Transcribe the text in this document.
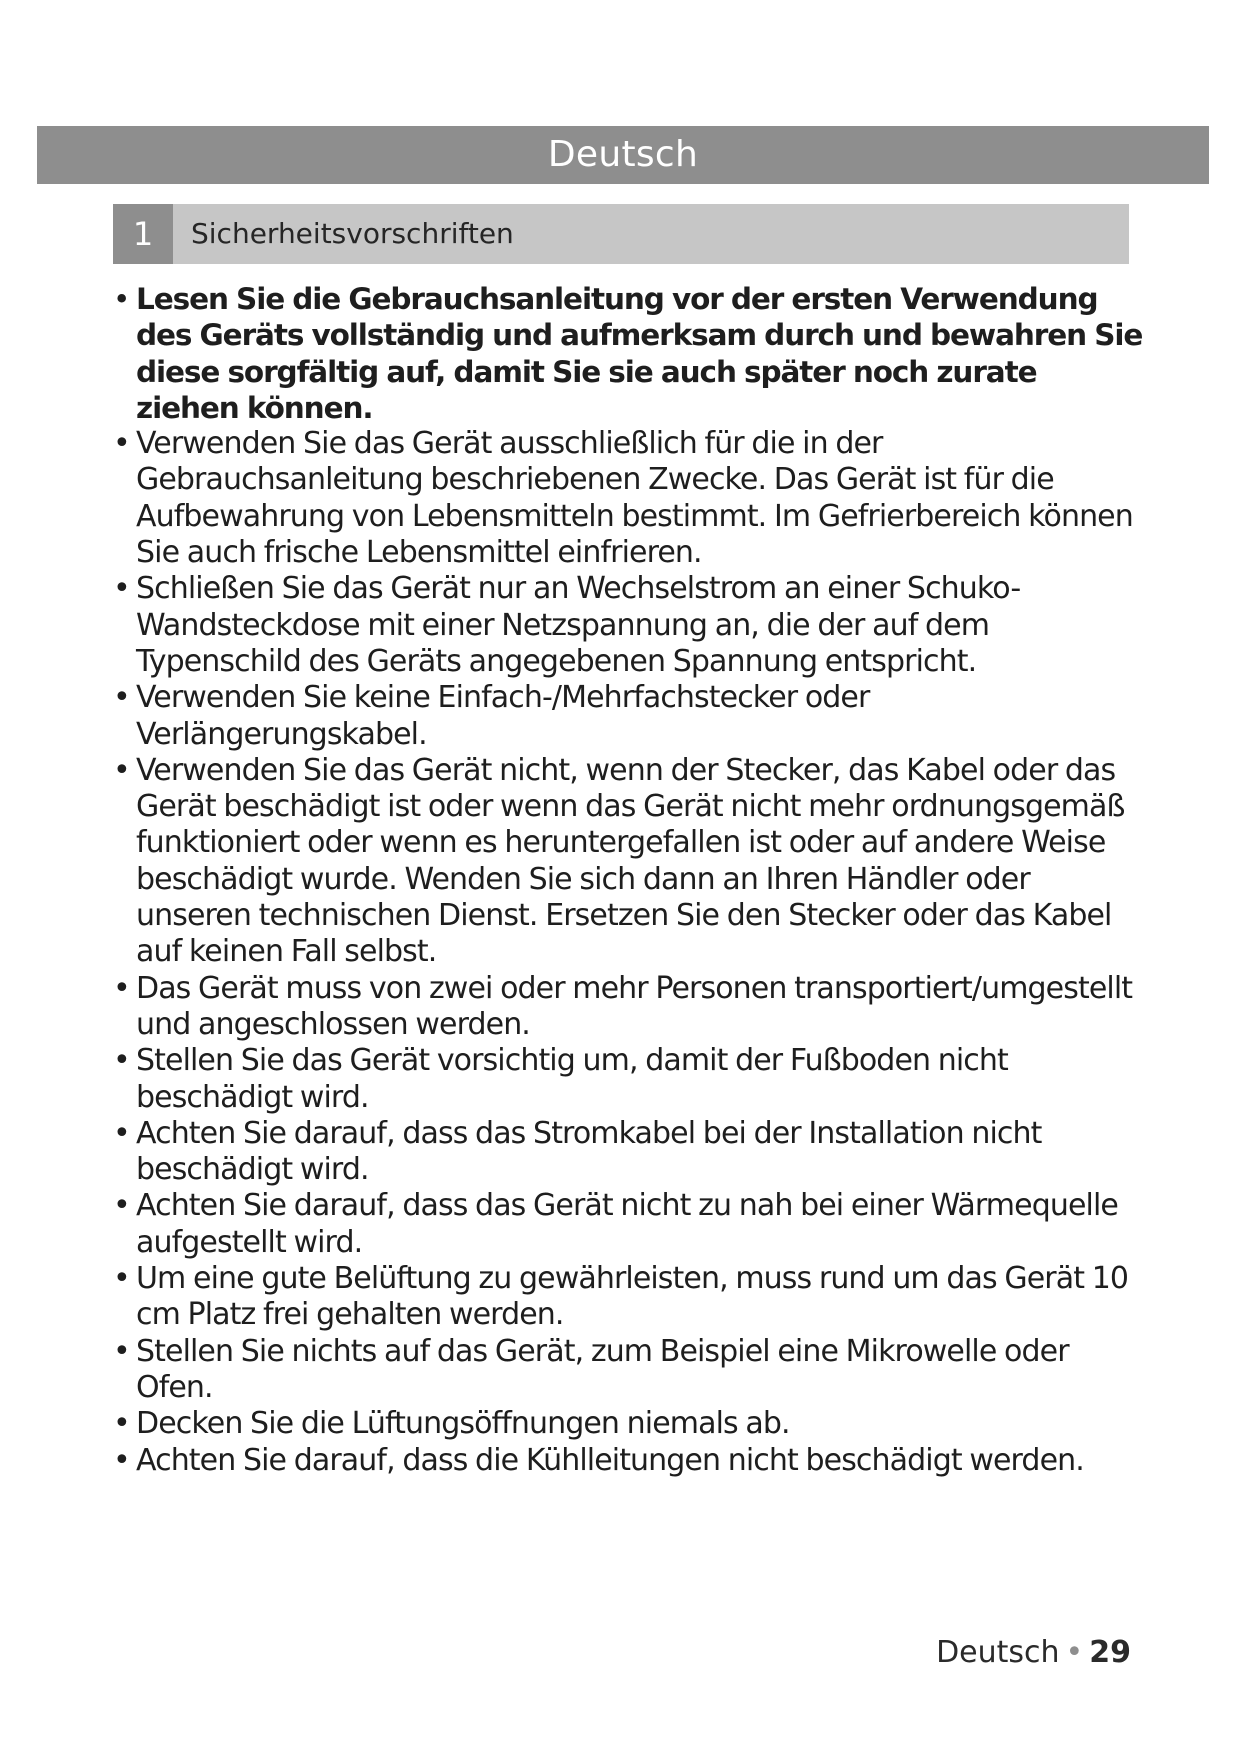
Deutsch
1	Sicherheitsvorschriften
• Lesen Sie die Gebrauchsanleitung vor der ersten Verwendung des Geräts vollständig und aufmerksam durch und bewahren Sie diese sorgfältig auf, damit Sie sie auch später noch zurate ziehen können.
• Verwenden Sie das Gerät ausschließlich für die in der Gebrauchsanleitung beschriebenen Zwecke. Das Gerät ist für die Aufbewahrung von Lebensmitteln bestimmt. Im Gefrierbereich können Sie auch frische Lebensmittel einfrieren.
• Schließen Sie das Gerät nur an Wechselstrom an einer Schuko-Wandsteckdose mit einer Netzspannung an, die der auf dem Typenschild des Geräts angegebenen Spannung entspricht.
• Verwenden Sie keine Einfach-/Mehrfachstecker oder Verlängerungskabel.
• Verwenden Sie das Gerät nicht, wenn der Stecker, das Kabel oder das Gerät beschädigt ist oder wenn das Gerät nicht mehr ordnungsgemäß funktioniert oder wenn es heruntergefallen ist oder auf andere Weise beschädigt wurde. Wenden Sie sich dann an Ihren Händler oder unseren technischen Dienst. Ersetzen Sie den Stecker oder das Kabel auf keinen Fall selbst.
• Das Gerät muss von zwei oder mehr Personen transportiert/umgestellt und angeschlossen werden.
• Stellen Sie das Gerät vorsichtig um, damit der Fußboden nicht beschädigt wird.
• Achten Sie darauf, dass das Stromkabel bei der Installation nicht beschädigt wird.
• Achten Sie darauf, dass das Gerät nicht zu nah bei einer Wärmequelle aufgestellt wird.
• Um eine gute Belüftung zu gewährleisten, muss rund um das Gerät 10 cm Platz frei gehalten werden.
• Stellen Sie nichts auf das Gerät, zum Beispiel eine Mikrowelle oder Ofen.
• Decken Sie die Lüftungsöffnungen niemals ab.
• Achten Sie darauf, dass die Kühlleitungen nicht beschädigt werden.
Deutsch • 29
